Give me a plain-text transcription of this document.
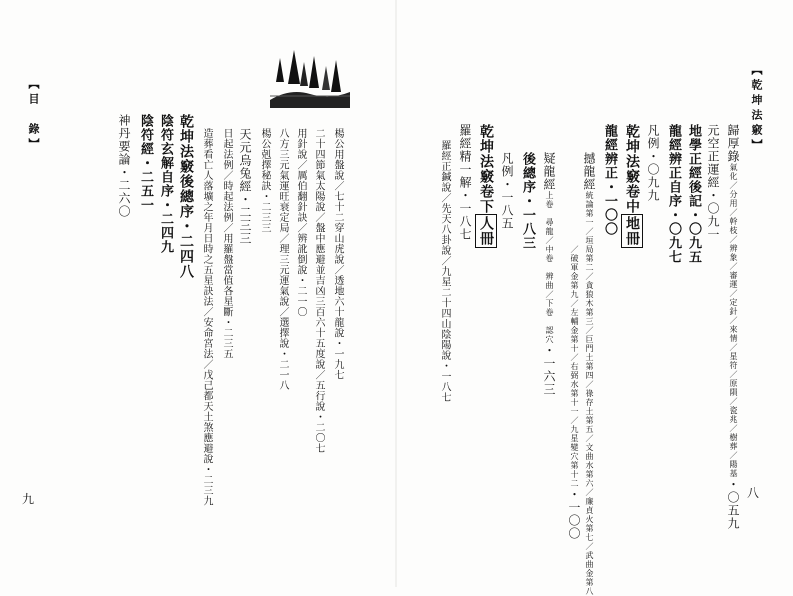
【目　錄】
九
楊公用盤說／七十二穿山虎說／透地六十龍說・一九七
二十四節氣太陽說／盤中應避並吉凶三百六十五度說／五行說・二〇七
用針說／厲伯翻針訣／辨訛倒說・二一〇
八方三元氣運旺衰定局／理三元運氣說／選擇說・二一八
楊公剋擇秘訣・二三三
天元烏兔經・二三三
日起法例／時起法例／用羅盤當值各星斷・二三五
造葬看亡人落壙之年月日時之五星訣法／安命宮法／戊己都天土煞應避說・二三九
乾坤法竅後總序・二四八
陰符玄解自序・二四九
陰符經・二五一
神丹要論・二六〇
【乾坤法竅】
八
歸厚錄氣化／分用／幹枝／辨象／審運／定針／來情／星符／原隕／瓷兆／樹葬／陽基・〇五九
元空正運經・〇九一
地學正經後記・〇九五
龍經辨正自序・〇九七
凡例・〇九九
乾坤法竅卷中地冊
龍經辨正・一〇〇
撼龍經統論第一／垣局第二／貪狼木第三／巨門土第四／祿存土第五／文曲水第六／廉貞火第七／武曲金第八
／破軍金第九／左輔金第十／右弼水第十一／九星變穴第十二・一〇〇
疑龍經上卷　尋龍／中卷　辨曲／下卷　認穴・一六三
後總序・一八三
凡例・一八五
乾坤法竅卷下人冊
羅經精一解・一八七
羅經正鍼說／先天八卦說／九星二十四山陰陽說・一八七
